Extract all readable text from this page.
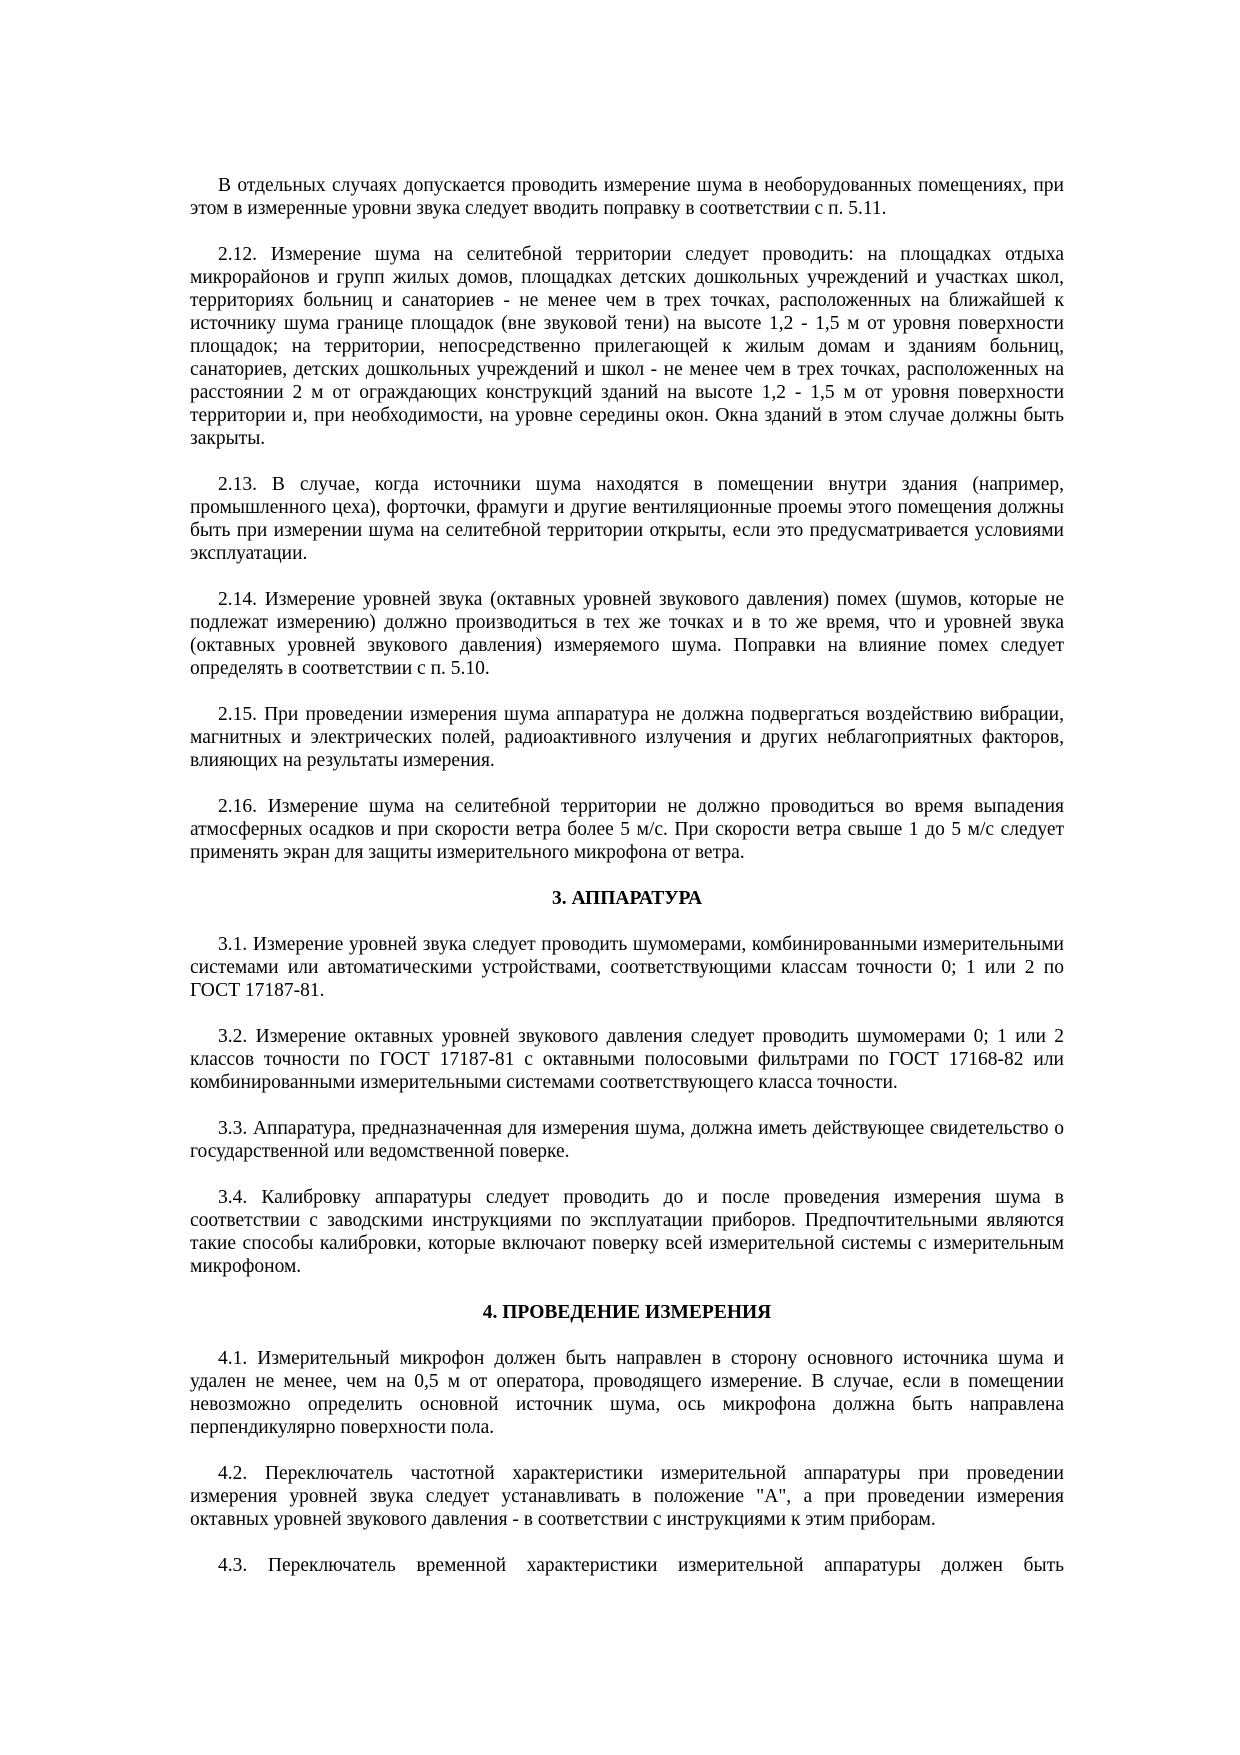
В отдельных случаях допускается проводить измерение шума в необорудованных помещениях, при этом в измеренные уровни звука следует вводить поправку в соответствии с п. 5.11.

2.12. Измерение шума на селитебной территории следует проводить: на площадках отдыха микрорайонов и групп жилых домов, площадках детских дошкольных учреждений и участках школ, территориях больниц и санаториев - не менее чем в трех точках, расположенных на ближайшей к источнику шума границе площадок (вне звуковой тени) на высоте 1,2 - 1,5 м от уровня поверхности площадок; на территории, непосредственно прилегающей к жилым домам и зданиям больниц, санаториев, детских дошкольных учреждений и школ - не менее чем в трех точках, расположенных на расстоянии 2 м от ограждающих конструкций зданий на высоте 1,2 - 1,5 м от уровня поверхности территории и, при необходимости, на уровне середины окон. Окна зданий в этом случае должны быть закрыты.

2.13. В случае, когда источники шума находятся в помещении внутри здания (например, промышленного цеха), форточки, фрамуги и другие вентиляционные проемы этого помещения должны быть при измерении шума на селитебной территории открыты, если это предусматривается условиями эксплуатации.

2.14. Измерение уровней звука (октавных уровней звукового давления) помех (шумов, которые не подлежат измерению) должно производиться в тех же точках и в то же время, что и уровней звука (октавных уровней звукового давления) измеряемого шума. Поправки на влияние помех следует определять в соответствии с п. 5.10.

2.15. При проведении измерения шума аппаратура не должна подвергаться воздействию вибрации, магнитных и электрических полей, радиоактивного излучения и других неблагоприятных факторов, влияющих на результаты измерения.

2.16. Измерение шума на селитебной территории не должно проводиться во время выпадения атмосферных осадков и при скорости ветра более 5 м/с. При скорости ветра свыше 1 до 5 м/с следует применять экран для защиты измерительного микрофона от ветра.

3. АППАРАТУРА

3.1. Измерение уровней звука следует проводить шумомерами, комбинированными измерительными системами или автоматическими устройствами, соответствующими классам точности 0; 1 или 2 по ГОСТ 17187-81.

3.2. Измерение октавных уровней звукового давления следует проводить шумомерами 0; 1 или 2 классов точности по ГОСТ 17187-81 с октавными полосовыми фильтрами по ГОСТ 17168-82 или комбинированными измерительными системами соответствующего класса точности.

3.3. Аппаратура, предназначенная для измерения шума, должна иметь действующее свидетельство о государственной или ведомственной поверке.

3.4. Калибровку аппаратуры следует проводить до и после проведения измерения шума в соответствии с заводскими инструкциями по эксплуатации приборов. Предпочтительными являются такие способы калибровки, которые включают поверку всей измерительной системы с измерительным микрофоном.

4. ПРОВЕДЕНИЕ ИЗМЕРЕНИЯ

4.1. Измерительный микрофон должен быть направлен в сторону основного источника шума и удален не менее, чем на 0,5 м от оператора, проводящего измерение. В случае, если в помещении невозможно определить основной источник шума, ось микрофона должна быть направлена перпендикулярно поверхности пола.

4.2. Переключатель частотной характеристики измерительной аппаратуры при проведении измерения уровней звука следует устанавливать в положение "А", а при проведении измерения октавных уровней звукового давления - в соответствии с инструкциями к этим приборам.

4.3. Переключатель временной характеристики измерительной аппаратуры должен быть
